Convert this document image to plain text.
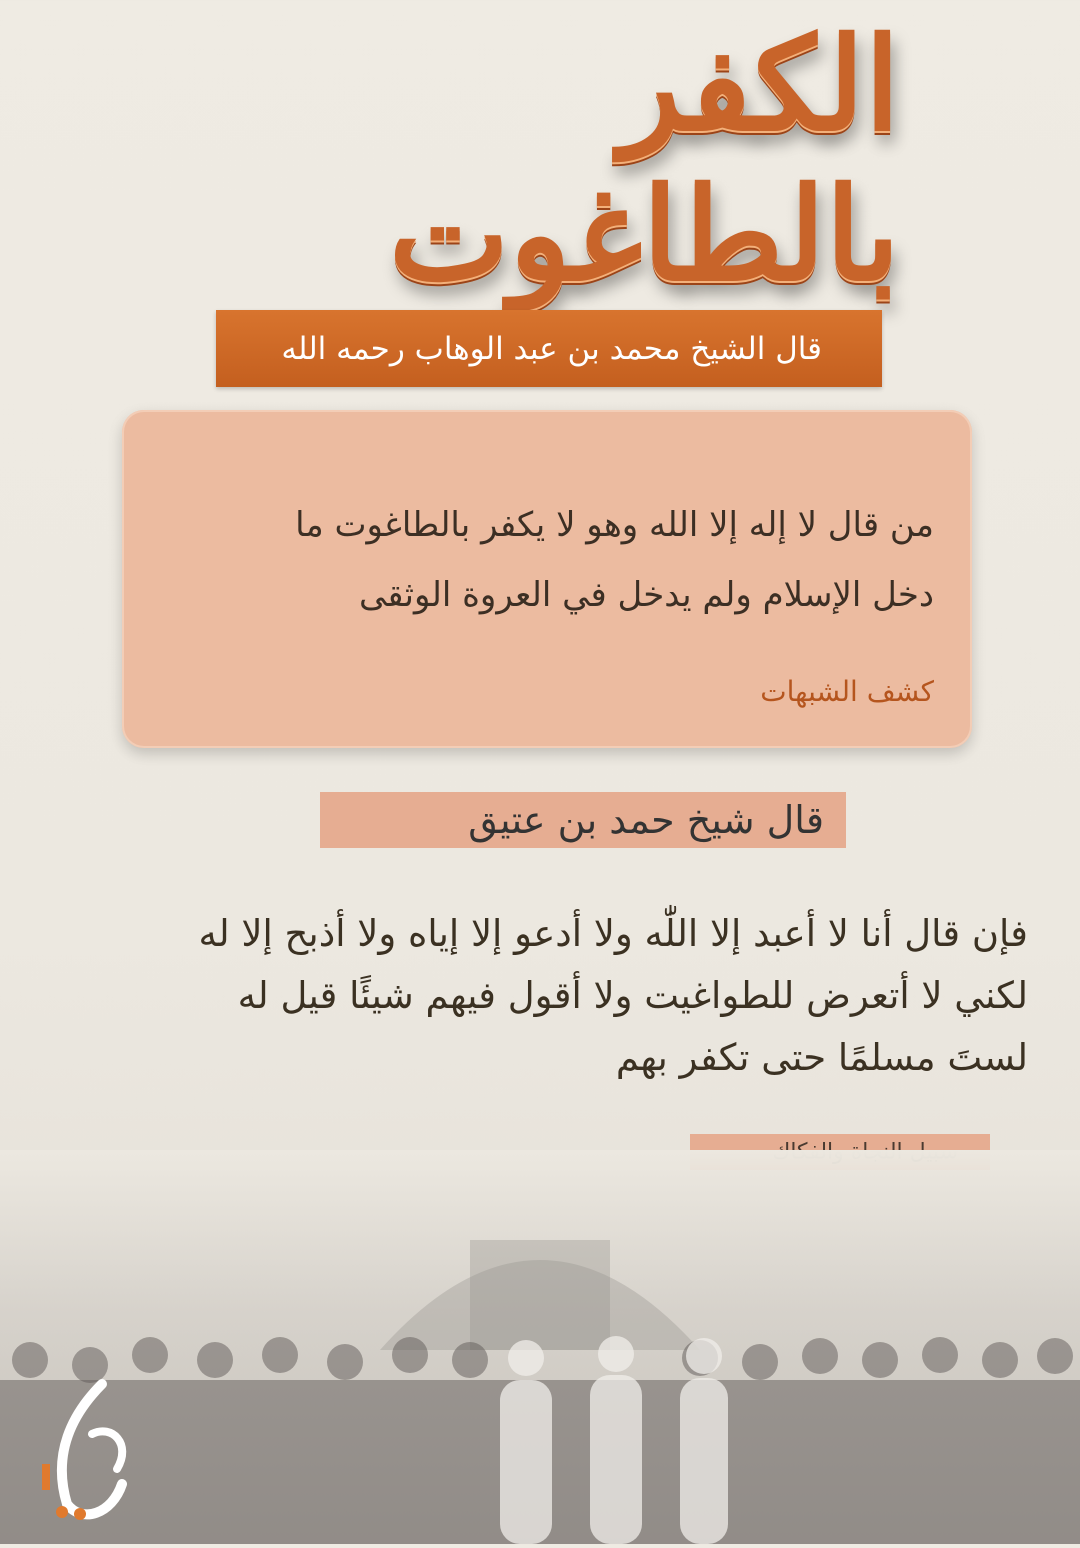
الكفر بالطاغوت
قال الشيخ محمد بن عبد الوهاب رحمه الله
من قال لا إله إلا الله وهو لا يكفر بالطاغوت ما
دخل الإسلام ولم يدخل في العروة الوثقى
كشف الشبهات
قال شيخ حمد بن عتيق
فإن قال أنا لا أعبد إلا اللّٰه ولا أدعو إلا إياه ولا أذبح إلا له
لكني لا أتعرض للطواغيت ولا أقول فيهم شيئًا قيل له
لستَ مسلمًا حتى تكفر بهم
